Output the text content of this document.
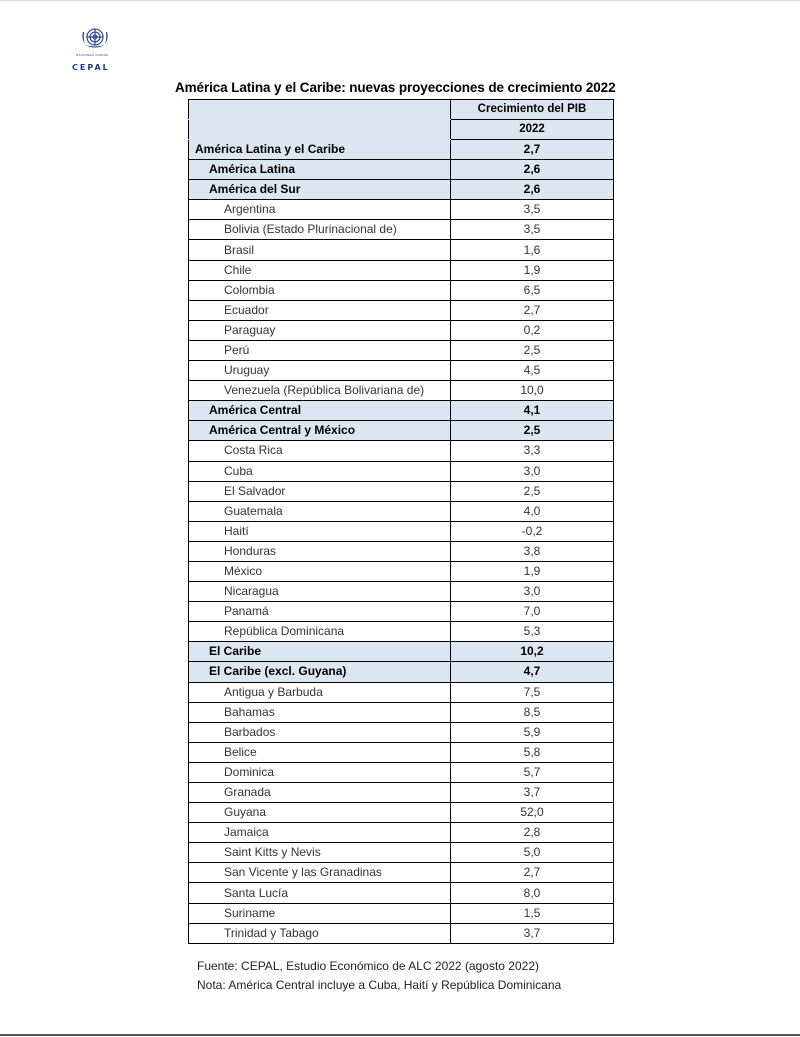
NACIONES UNIDAS
CEPAL
América Latina y el Caribe: nuevas proyecciones de crecimiento 2022
	Crecimiento del PIB
	2022
América Latina y el Caribe	2,7
América Latina	2,6
América del Sur	2,6
Argentina	3,5
Bolivia (Estado Plurinacional de)	3,5
Brasil	1,6
Chile	1,9
Colombia	6,5
Ecuador	2,7
Paraguay	0,2
Perú	2,5
Uruguay	4,5
Venezuela (República Bolivariana de)	10,0
América Central	4,1
América Central y México	2,5
Costa Rica	3,3
Cuba	3,0
El Salvador	2,5
Guatemala	4,0
Haití	-0,2
Honduras	3,8
México	1,9
Nicaragua	3,0
Panamá	7,0
República Dominicana	5,3
El Caribe	10,2
El Caribe (excl. Guyana)	4,7
Antigua y Barbuda	7,5
Bahamas	8,5
Barbados	5,9
Belice	5,8
Dominica	5,7
Granada	3,7
Guyana	52,0
Jamaica	2,8
Saint Kitts y Nevis	5,0
San Vicente y las Granadinas	2,7
Santa Lucía	8,0
Suriname	1,5
Trinidad y Tabago	3,7
Fuente: CEPAL, Estudio Económico de ALC 2022 (agosto 2022)
Nota: América Central incluye a Cuba, Haití y República Dominicana
